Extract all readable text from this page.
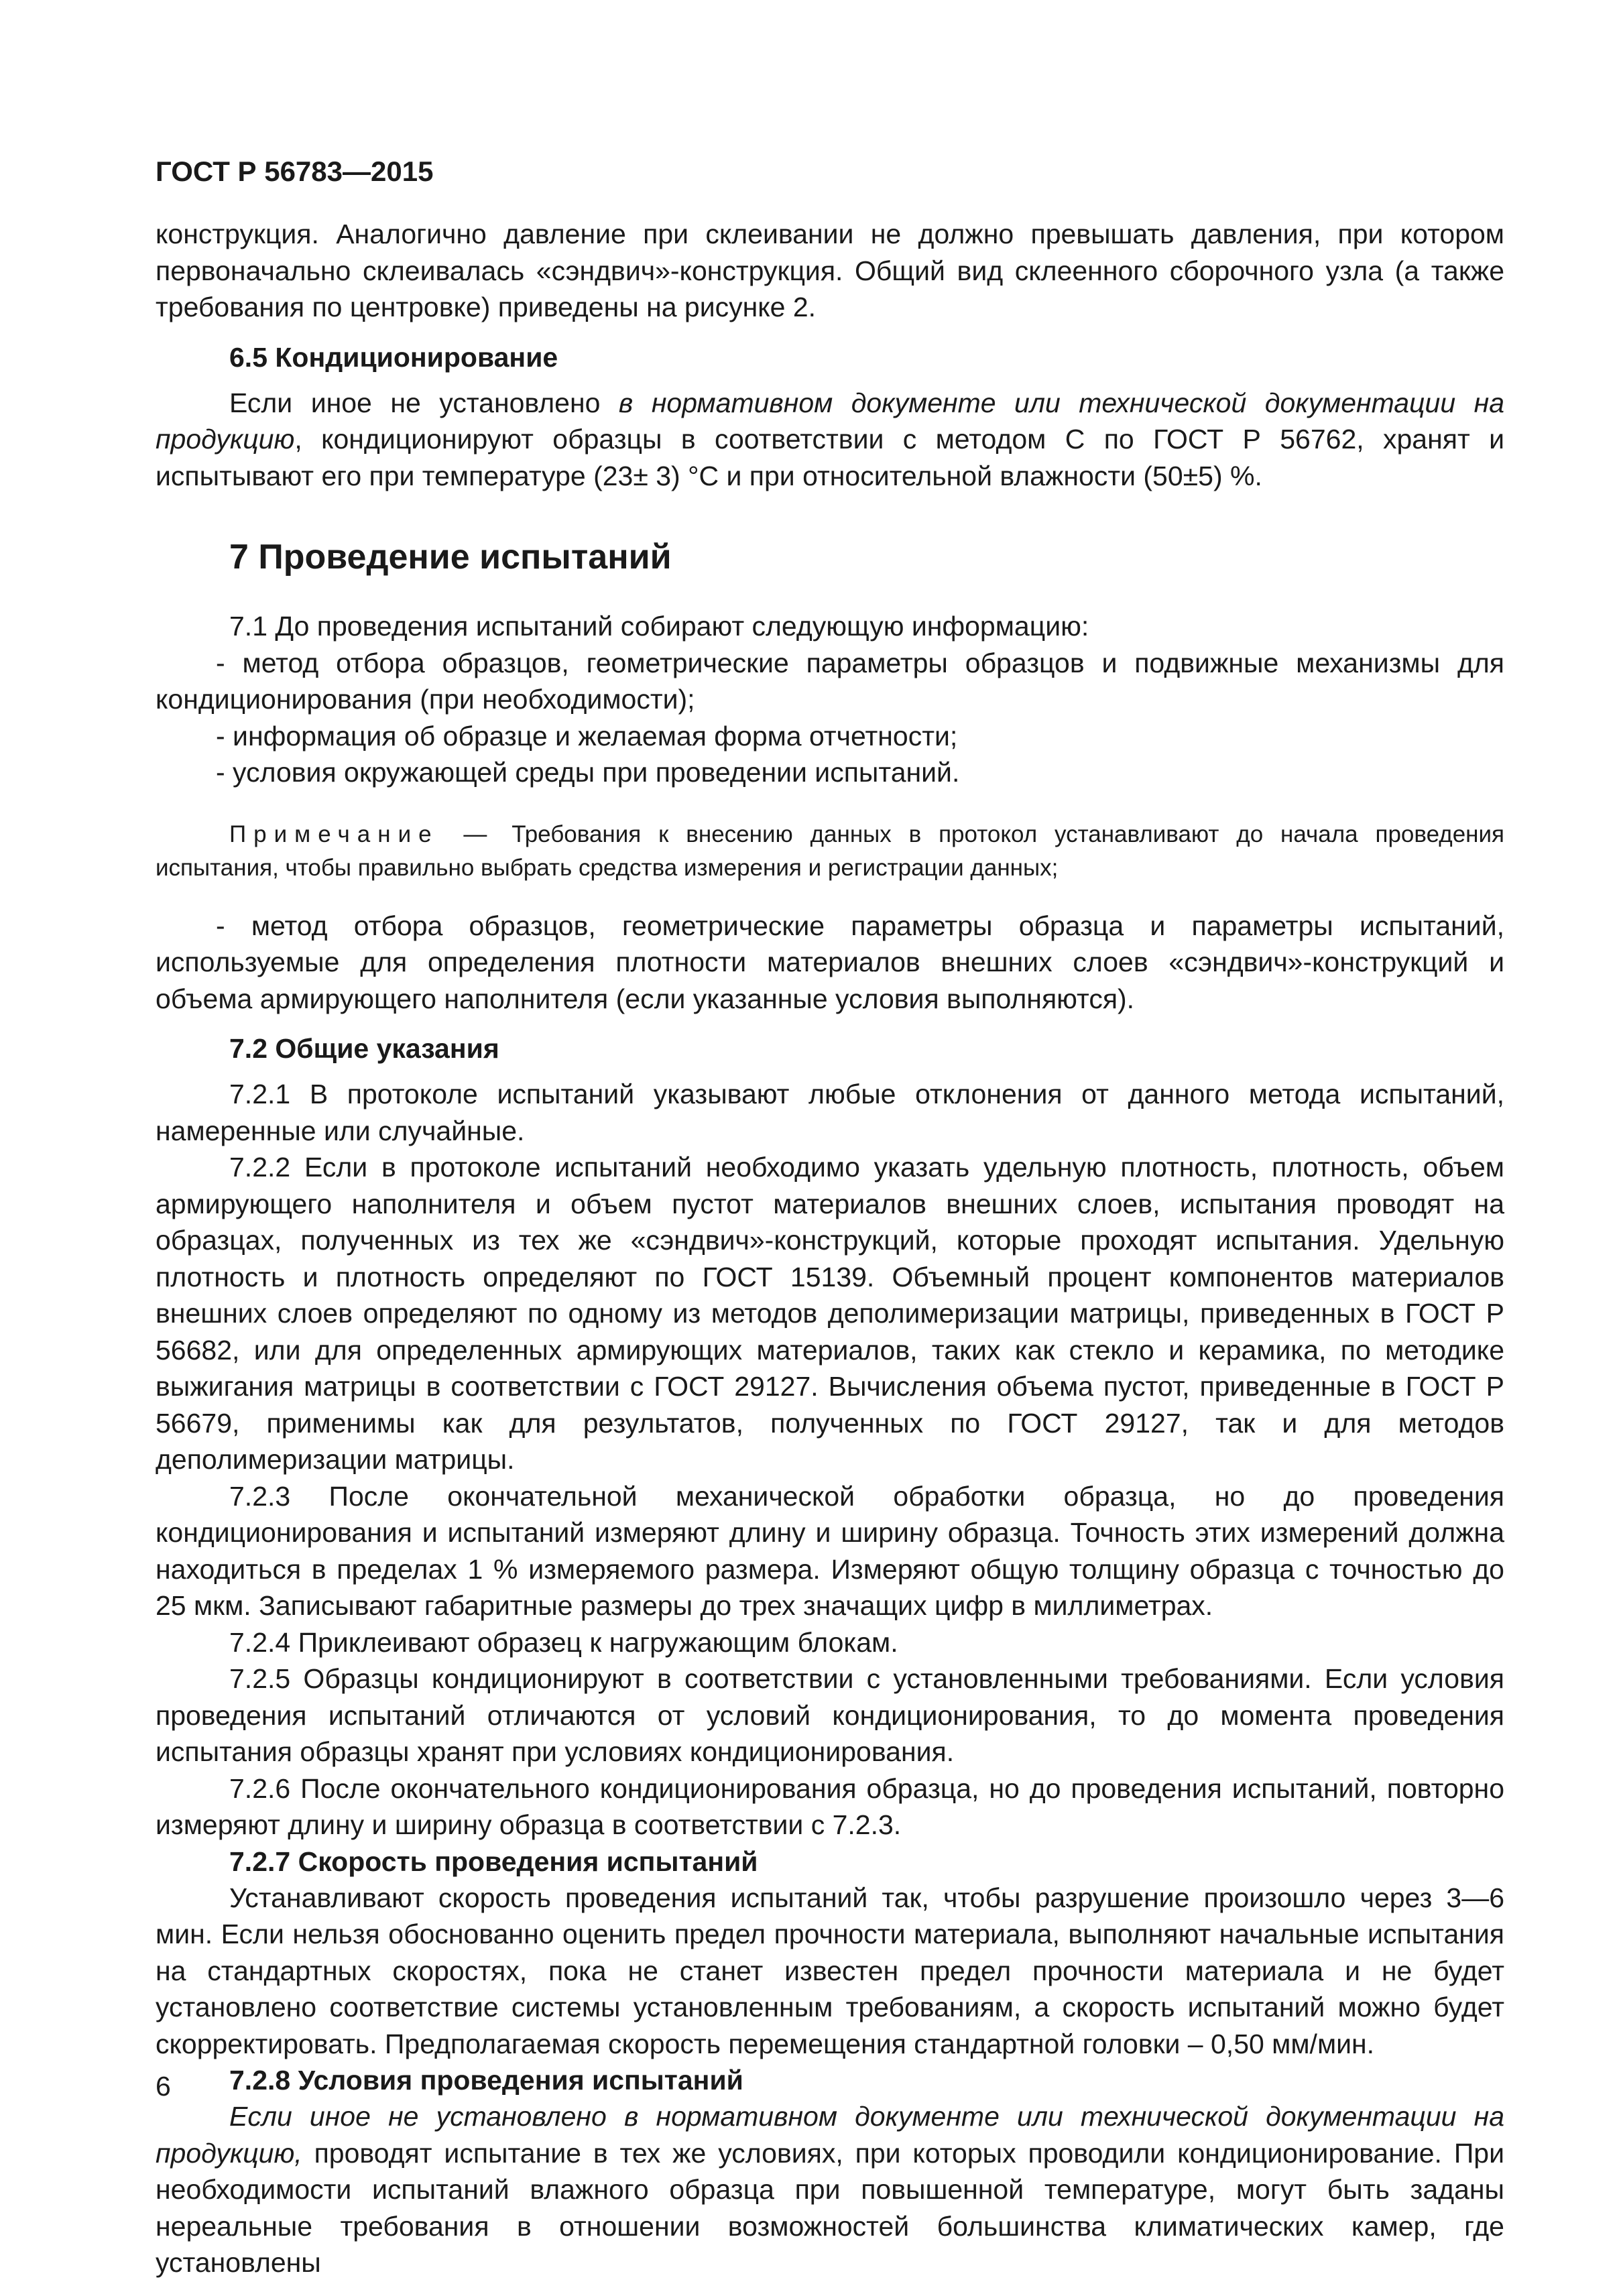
ГОСТ Р 56783—2015

конструкция. Аналогично давление при склеивании не должно превышать давления, при котором первоначально склеивалась «сэндвич»-конструкция. Общий вид склеенного сборочного узла (а также требования по центровке) приведены на рисунке 2.

6.5 Кондиционирование

Если иное не установлено в нормативном документе или технической документации на продукцию, кондиционируют образцы в соответствии с методом С по ГОСТ Р 56762, хранят и испытывают его при температуре (23± 3) °С и при относительной влажности (50±5) %.

7 Проведение испытаний

7.1 До проведения испытаний собирают следующую информацию:

- метод отбора образцов, геометрические параметры образцов и подвижные механизмы для кондиционирования (при необходимости);

- информация об образце и желаемая форма отчетности;

- условия окружающей среды при проведении испытаний.

Примечание — Требования к внесению данных в протокол устанавливают до начала проведения испытания, чтобы правильно выбрать средства измерения и регистрации данных;

- метод отбора образцов, геометрические параметры образца и параметры испытаний, используемые для определения плотности материалов внешних слоев «сэндвич»-конструкций и объема армирующего наполнителя (если указанные условия выполняются).

7.2 Общие указания

7.2.1 В протоколе испытаний указывают любые отклонения от данного метода испытаний, намеренные или случайные.

7.2.2 Если в протоколе испытаний необходимо указать удельную плотность, плотность, объем армирующего наполнителя и объем пустот материалов внешних слоев, испытания проводят на образцах, полученных из тех же «сэндвич»-конструкций, которые проходят испытания. Удельную плотность и плотность определяют по ГОСТ 15139. Объемный процент компонентов материалов внешних слоев определяют по одному из методов деполимеризации матрицы, приведенных в ГОСТ Р 56682, или для определенных армирующих материалов, таких как стекло и керамика, по методике выжигания матрицы в соответствии с ГОСТ 29127. Вычисления объема пустот, приведенные в ГОСТ Р 56679, применимы как для результатов, полученных по ГОСТ 29127, так и для методов деполимеризации матрицы.

7.2.3 После окончательной механической обработки образца, но до проведения кондиционирования и испытаний измеряют длину и ширину образца. Точность этих измерений должна находиться в пределах 1 % измеряемого размера. Измеряют общую толщину образца с точностью до 25 мкм. Записывают габаритные размеры до трех значащих цифр в миллиметрах.

7.2.4 Приклеивают образец к нагружающим блокам.

7.2.5 Образцы кондиционируют в соответствии с установленными требованиями. Если условия проведения испытаний отличаются от условий кондиционирования, то до момента проведения испытания образцы хранят при условиях кондиционирования.

7.2.6 После окончательного кондиционирования образца, но до проведения испытаний, повторно измеряют длину и ширину образца в соответствии с 7.2.3.

7.2.7 Скорость проведения испытаний

Устанавливают скорость проведения испытаний так, чтобы разрушение произошло через 3—6 мин. Если нельзя обоснованно оценить предел прочности материала, выполняют начальные испытания на стандартных скоростях, пока не станет известен предел прочности материала и не будет установлено соответствие системы установленным требованиям, а скорость испытаний можно будет скорректировать. Предполагаемая скорость перемещения стандартной головки – 0,50 мм/мин.

7.2.8 Условия проведения испытаний

Если иное не установлено в нормативном документе или технической документации на продукцию, проводят испытание в тех же условиях, при которых проводили кондиционирование. При необходимости испытаний влажного образца при повышенной температуре, могут быть заданы нереальные требования в отношении возможностей большинства климатических камер, где установлены

6
